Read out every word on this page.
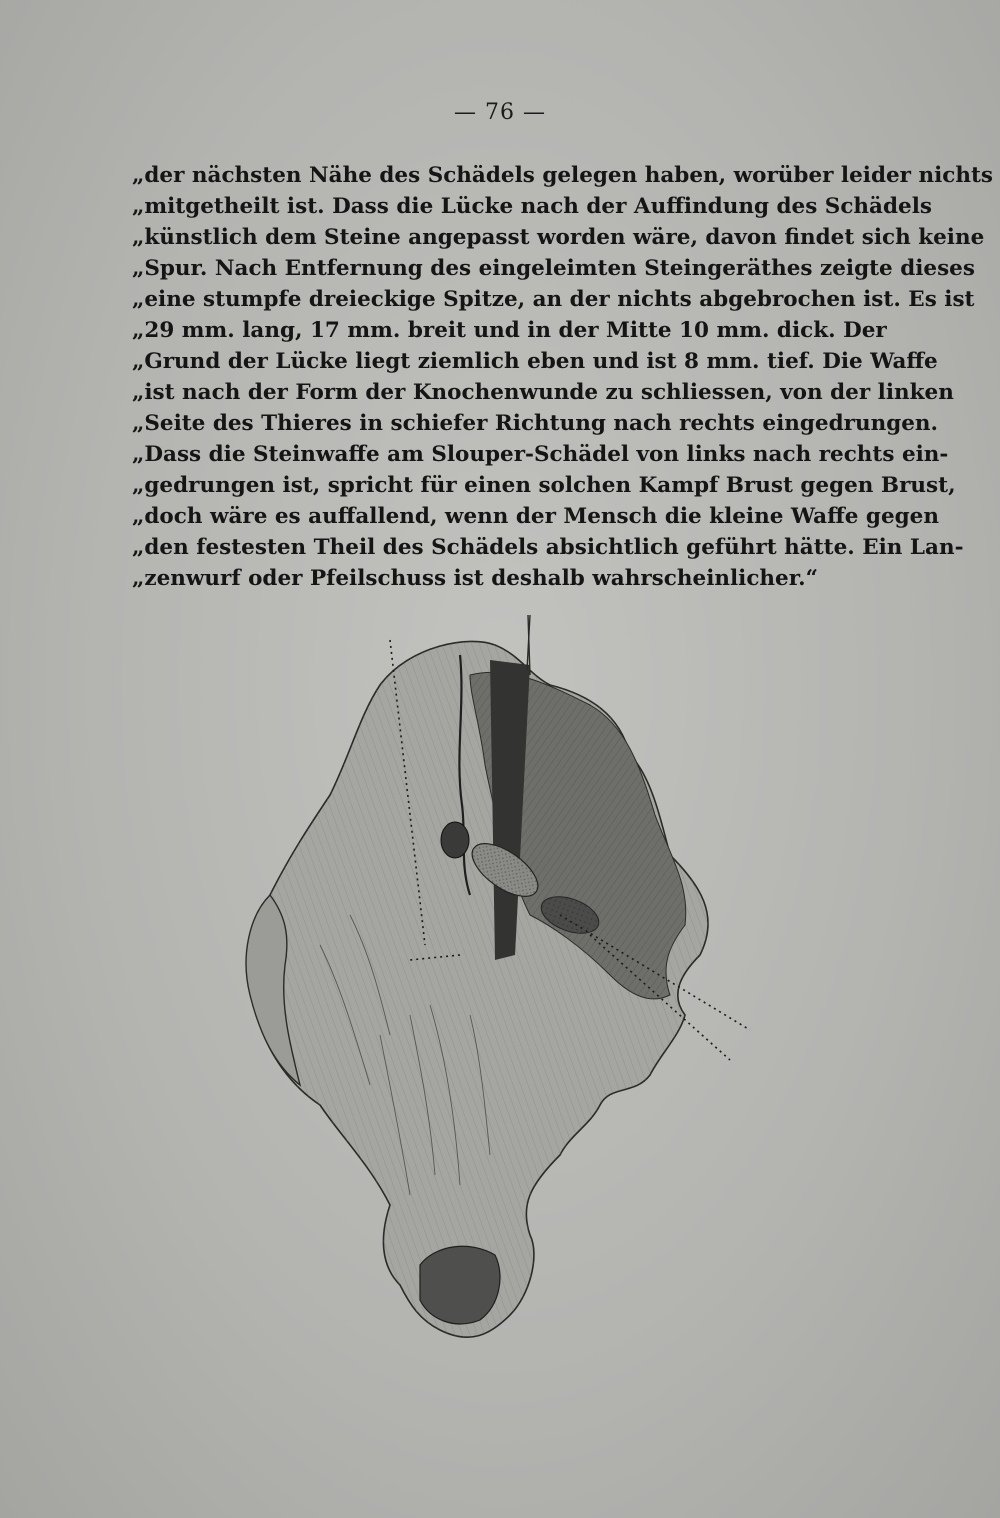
— 76 —
„der nächsten Nähe des Schädels gelegen haben, worüber leider nichts
„mitgetheilt ist. Dass die Lücke nach der Auffindung des Schädels
„künstlich dem Steine angepasst worden wäre, davon findet sich keine
„Spur. Nach Entfernung des eingeleimten Steingeräthes zeigte dieses
„eine stumpfe dreieckige Spitze, an der nichts abgebrochen ist. Es ist
„29 mm. lang, 17 mm. breit und in der Mitte 10 mm. dick. Der
„Grund der Lücke liegt ziemlich eben und ist 8 mm. tief. Die Waffe
„ist nach der Form der Knochenwunde zu schliessen, von der linken
„Seite des Thieres in schiefer Richtung nach rechts eingedrungen.
„Dass die Steinwaffe am Slouper-Schädel von links nach rechts ein-
„gedrungen ist, spricht für einen solchen Kampf Brust gegen Brust,
„doch wäre es auffallend, wenn der Mensch die kleine Waffe gegen
„den festesten Theil des Schädels absichtlich geführt hätte. Ein Lan-
„zenwurf oder Pfeilschuss ist deshalb wahrscheinlicher.“
